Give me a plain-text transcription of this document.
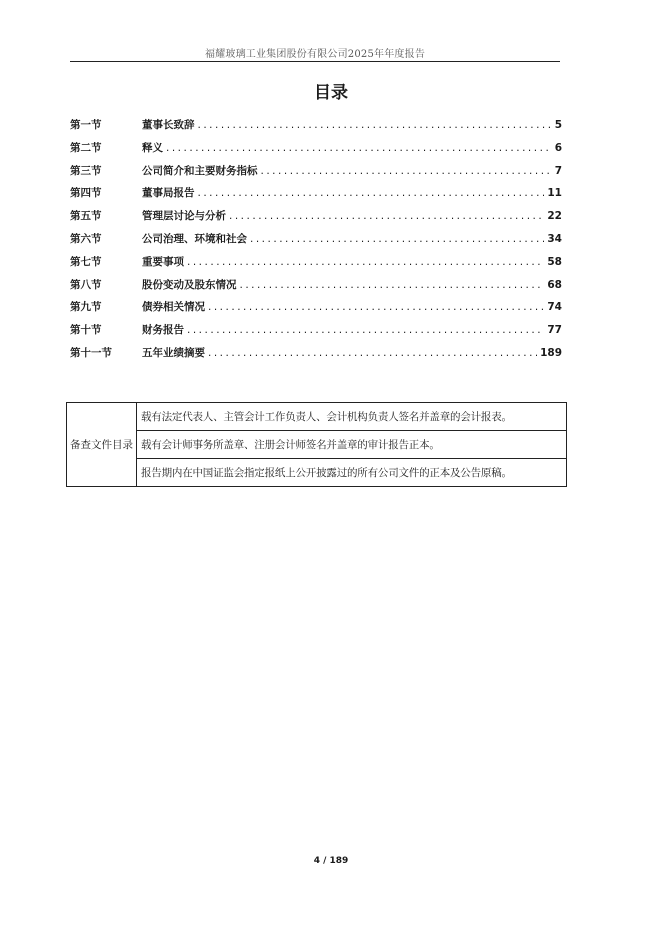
福耀玻璃工业集团股份有限公司2025年年度报告
目录
第一节	董事长致辞 .....	5
第二节	释义 .....	6
第三节	公司简介和主要财务指标 .....	7
第四节	董事局报告 .....	11
第五节	管理层讨论与分析 .....	22
第六节	公司治理、环境和社会 .....	34
第七节	重要事项 .....	58
第八节	股份变动及股东情况 .....	68
第九节	债券相关情况 .....	74
第十节	财务报告 .....	77
第十一节	五年业绩摘要 .....	189
备查文件目录	载有法定代表人、主管会计工作负责人、会计机构负责人签名并盖章的会计报表。
载有会计师事务所盖章、注册会计师签名并盖章的审计报告正本。
报告期内在中国证监会指定报纸上公开披露过的所有公司文件的正本及公告原稿。
4 / 189
